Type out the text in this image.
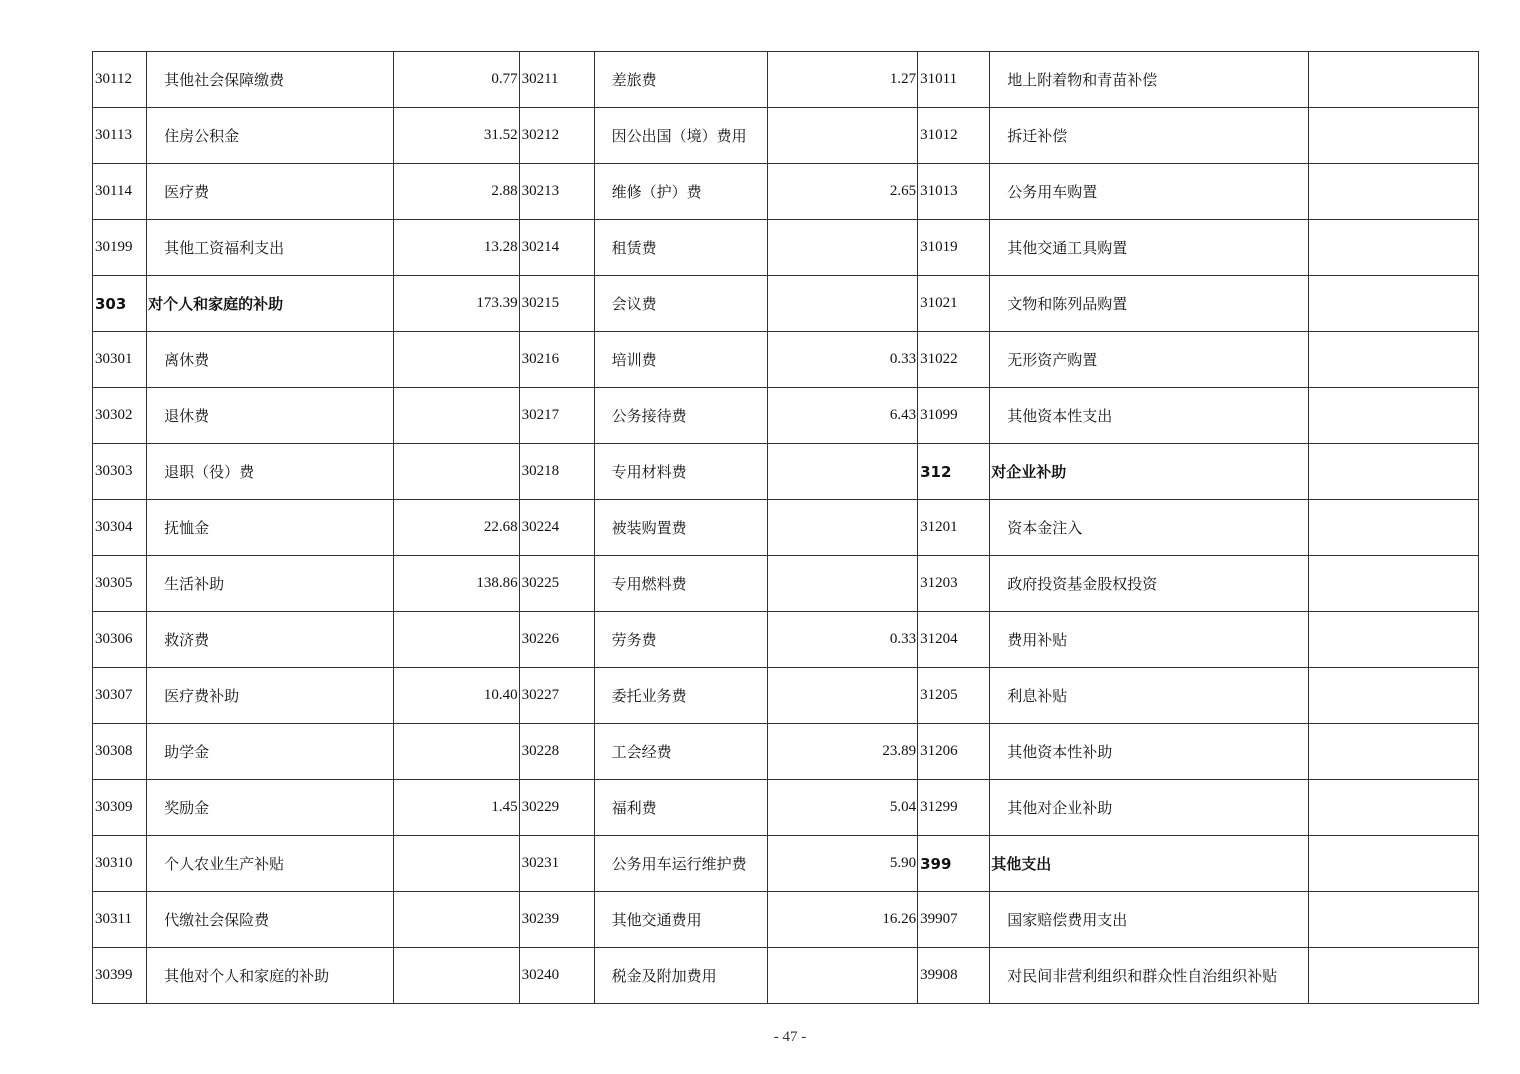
30112	其他社会保障缴费	0.77	30211	差旅费	1.27	31011	地上附着物和青苗补偿	
30113	住房公积金	31.52	30212	因公出国（境）费用		31012	拆迁补偿	
30114	医疗费	2.88	30213	维修（护）费	2.65	31013	公务用车购置	
30199	其他工资福利支出	13.28	30214	租赁费		31019	其他交通工具购置	
303	对个人和家庭的补助	173.39	30215	会议费		31021	文物和陈列品购置	
30301	离休费		30216	培训费	0.33	31022	无形资产购置	
30302	退休费		30217	公务接待费	6.43	31099	其他资本性支出	
30303	退职（役）费		30218	专用材料费		312	对企业补助	
30304	抚恤金	22.68	30224	被装购置费		31201	资本金注入	
30305	生活补助	138.86	30225	专用燃料费		31203	政府投资基金股权投资	
30306	救济费		30226	劳务费	0.33	31204	费用补贴	
30307	医疗费补助	10.40	30227	委托业务费		31205	利息补贴	
30308	助学金		30228	工会经费	23.89	31206	其他资本性补助	
30309	奖励金	1.45	30229	福利费	5.04	31299	其他对企业补助	
30310	个人农业生产补贴		30231	公务用车运行维护费	5.90	399	其他支出	
30311	代缴社会保险费		30239	其他交通费用	16.26	39907	国家赔偿费用支出	
30399	其他对个人和家庭的补助		30240	税金及附加费用		39908	对民间非营利组织和群众性自治组织补贴	
- 47 -
